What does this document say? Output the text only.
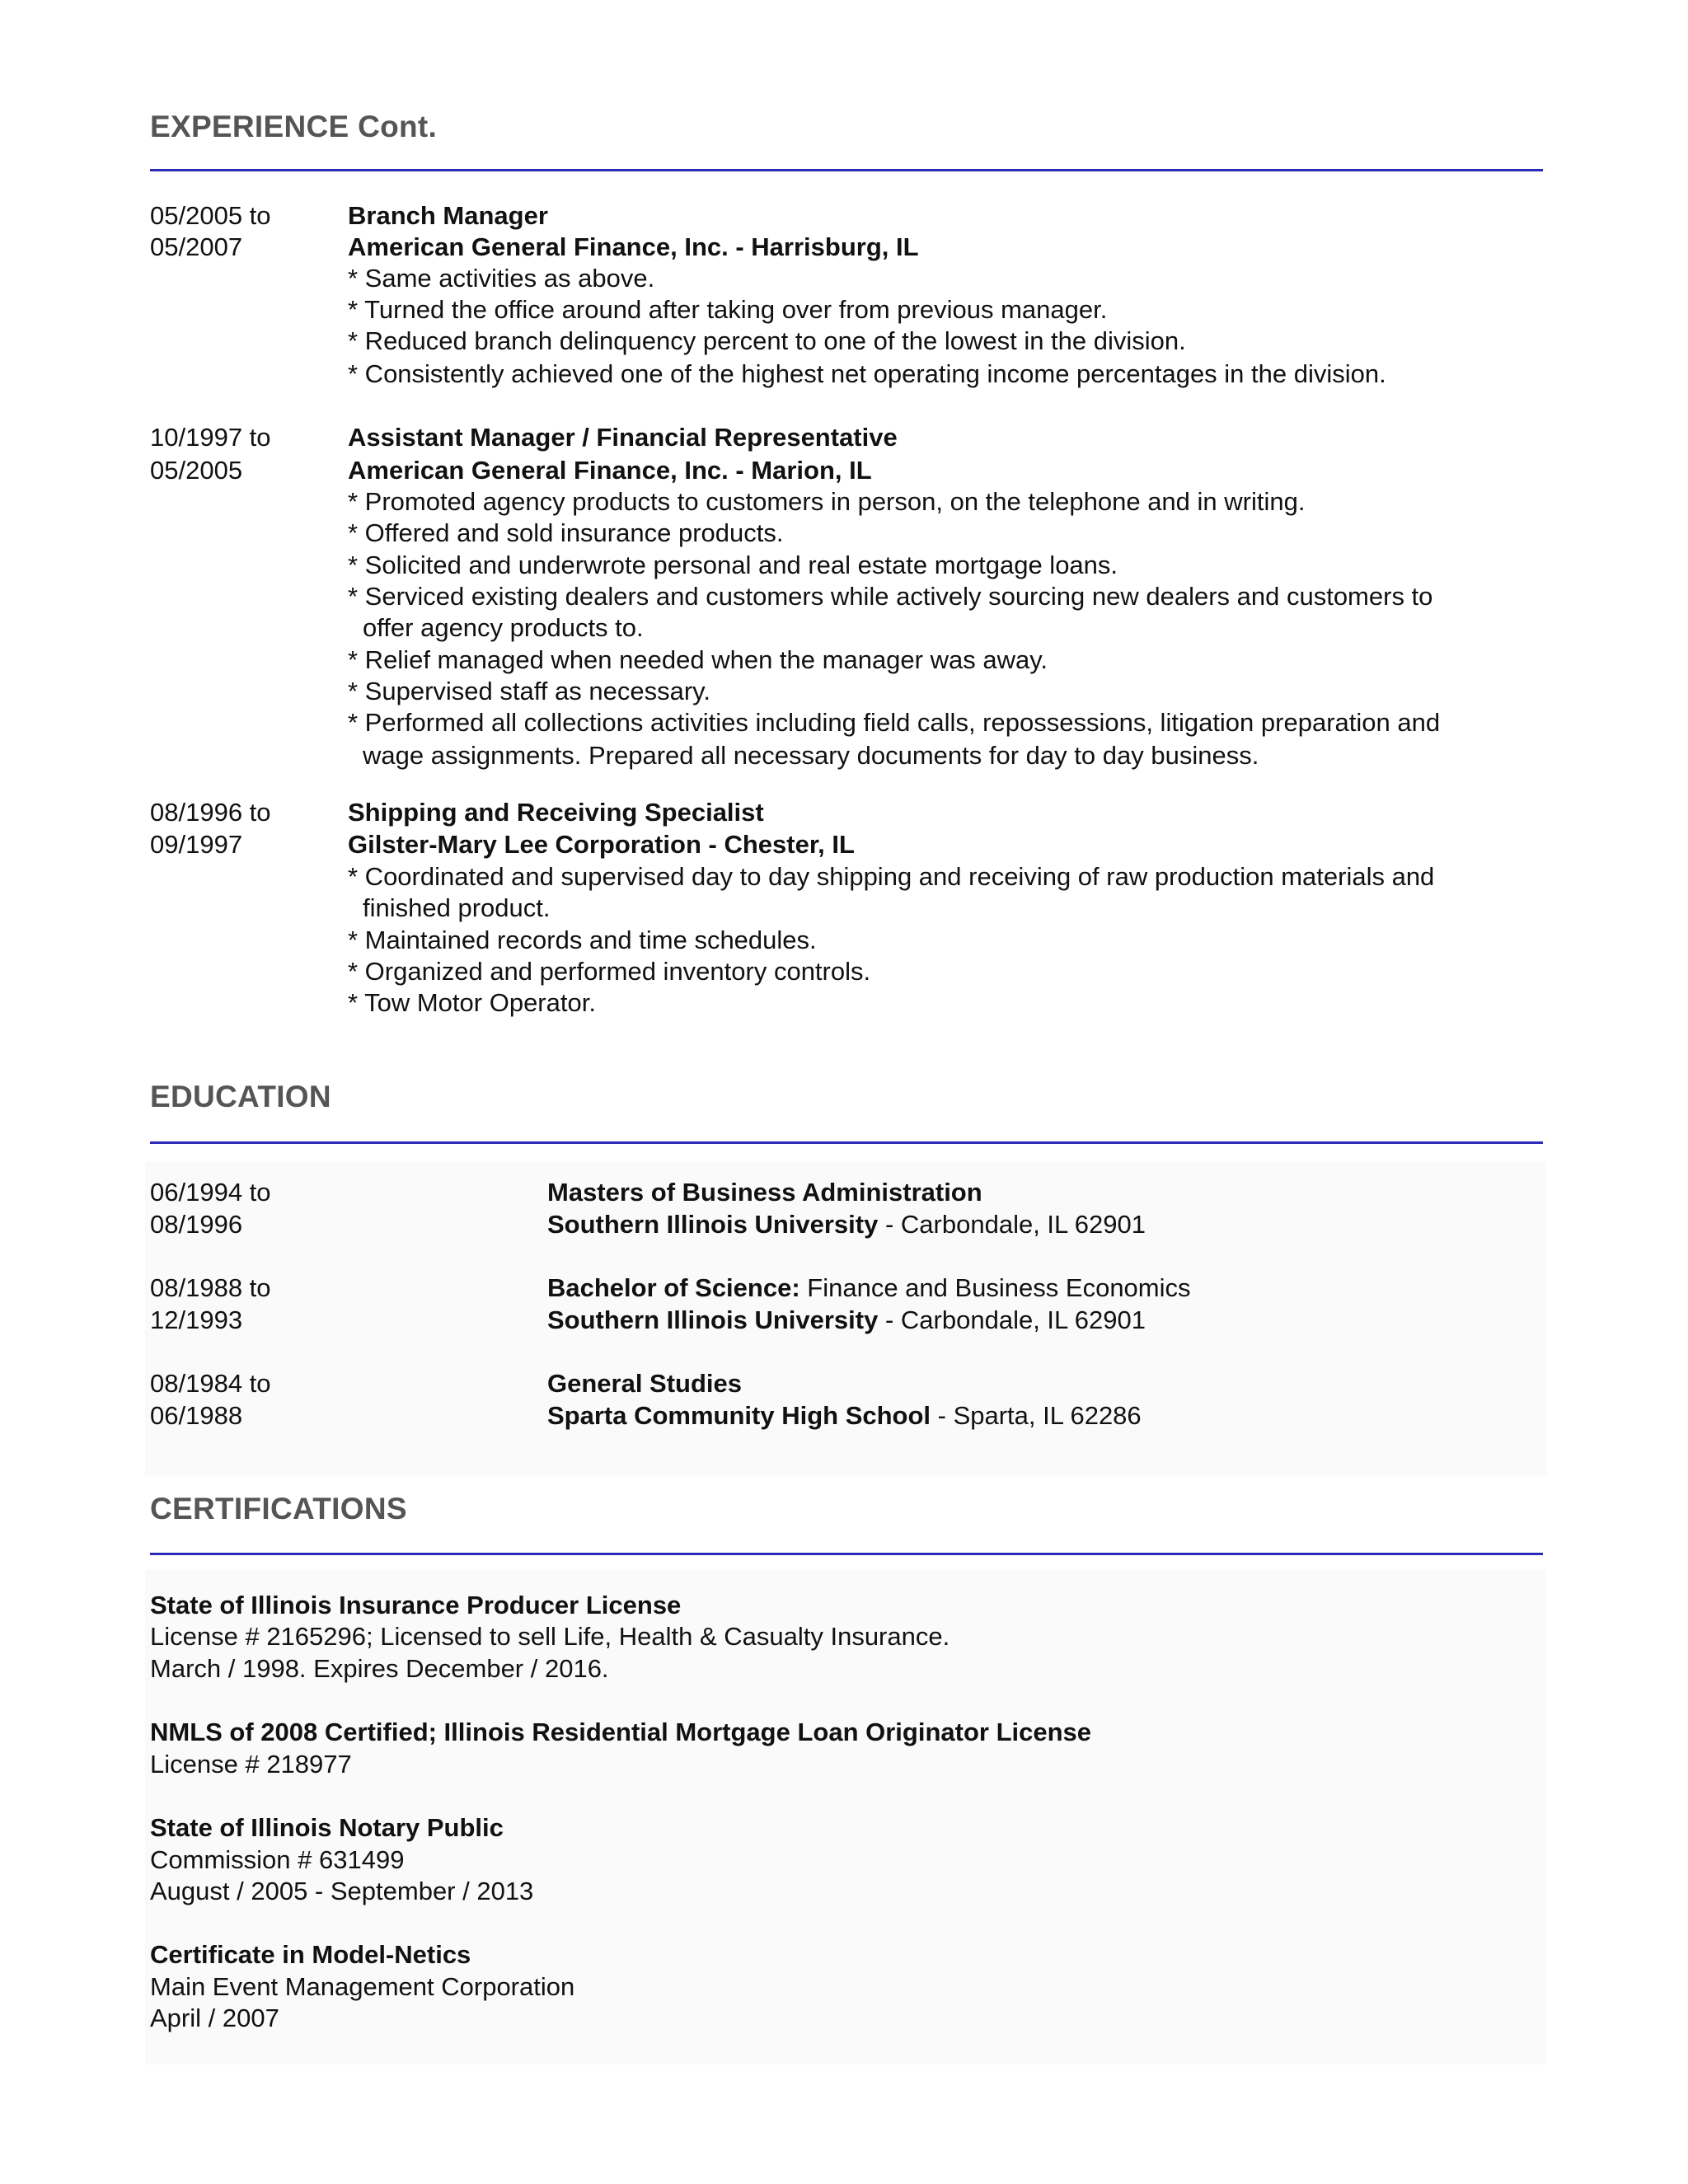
EXPERIENCE Cont.
05/2005 to
05/2007
Branch Manager
American General Finance, Inc. - Harrisburg, IL
* Same activities as above.
* Turned the office around after taking over from previous manager.
* Reduced branch delinquency percent to one of the lowest in the division.
* Consistently achieved one of the highest net operating income percentages in the division.
10/1997 to
05/2005
Assistant Manager / Financial Representative
American General Finance, Inc. - Marion, IL
* Promoted agency products to customers in person, on the telephone and in writing.
* Offered and sold insurance products.
* Solicited and underwrote personal and real estate mortgage loans.
* Serviced existing dealers and customers while actively sourcing new dealers and customers to
offer agency products to.
* Relief managed when needed when the manager was away.
* Supervised staff as necessary.
* Performed all collections activities including field calls, repossessions, litigation preparation and
wage assignments. Prepared all necessary documents for day to day business.
08/1996 to
09/1997
Shipping and Receiving Specialist
Gilster-Mary Lee Corporation - Chester, IL
* Coordinated and supervised day to day shipping and receiving of raw production materials and
finished product.
* Maintained records and time schedules.
* Organized and performed inventory controls.
* Tow Motor Operator.
EDUCATION
06/1994 to
08/1996
Masters of Business Administration
Southern Illinois University - Carbondale, IL 62901
08/1988 to
12/1993
Bachelor of Science: Finance and Business Economics
Southern Illinois University - Carbondale, IL 62901
08/1984 to
06/1988
General Studies
Sparta Community High School - Sparta, IL 62286
CERTIFICATIONS
State of Illinois Insurance Producer License
License # 2165296; Licensed to sell Life, Health & Casualty Insurance.
March / 1998. Expires December / 2016.
NMLS of 2008 Certified; Illinois Residential Mortgage Loan Originator License
License # 218977
State of Illinois Notary Public
Commission # 631499
August / 2005 - September / 2013
Certificate in Model-Netics
Main Event Management Corporation
April / 2007
